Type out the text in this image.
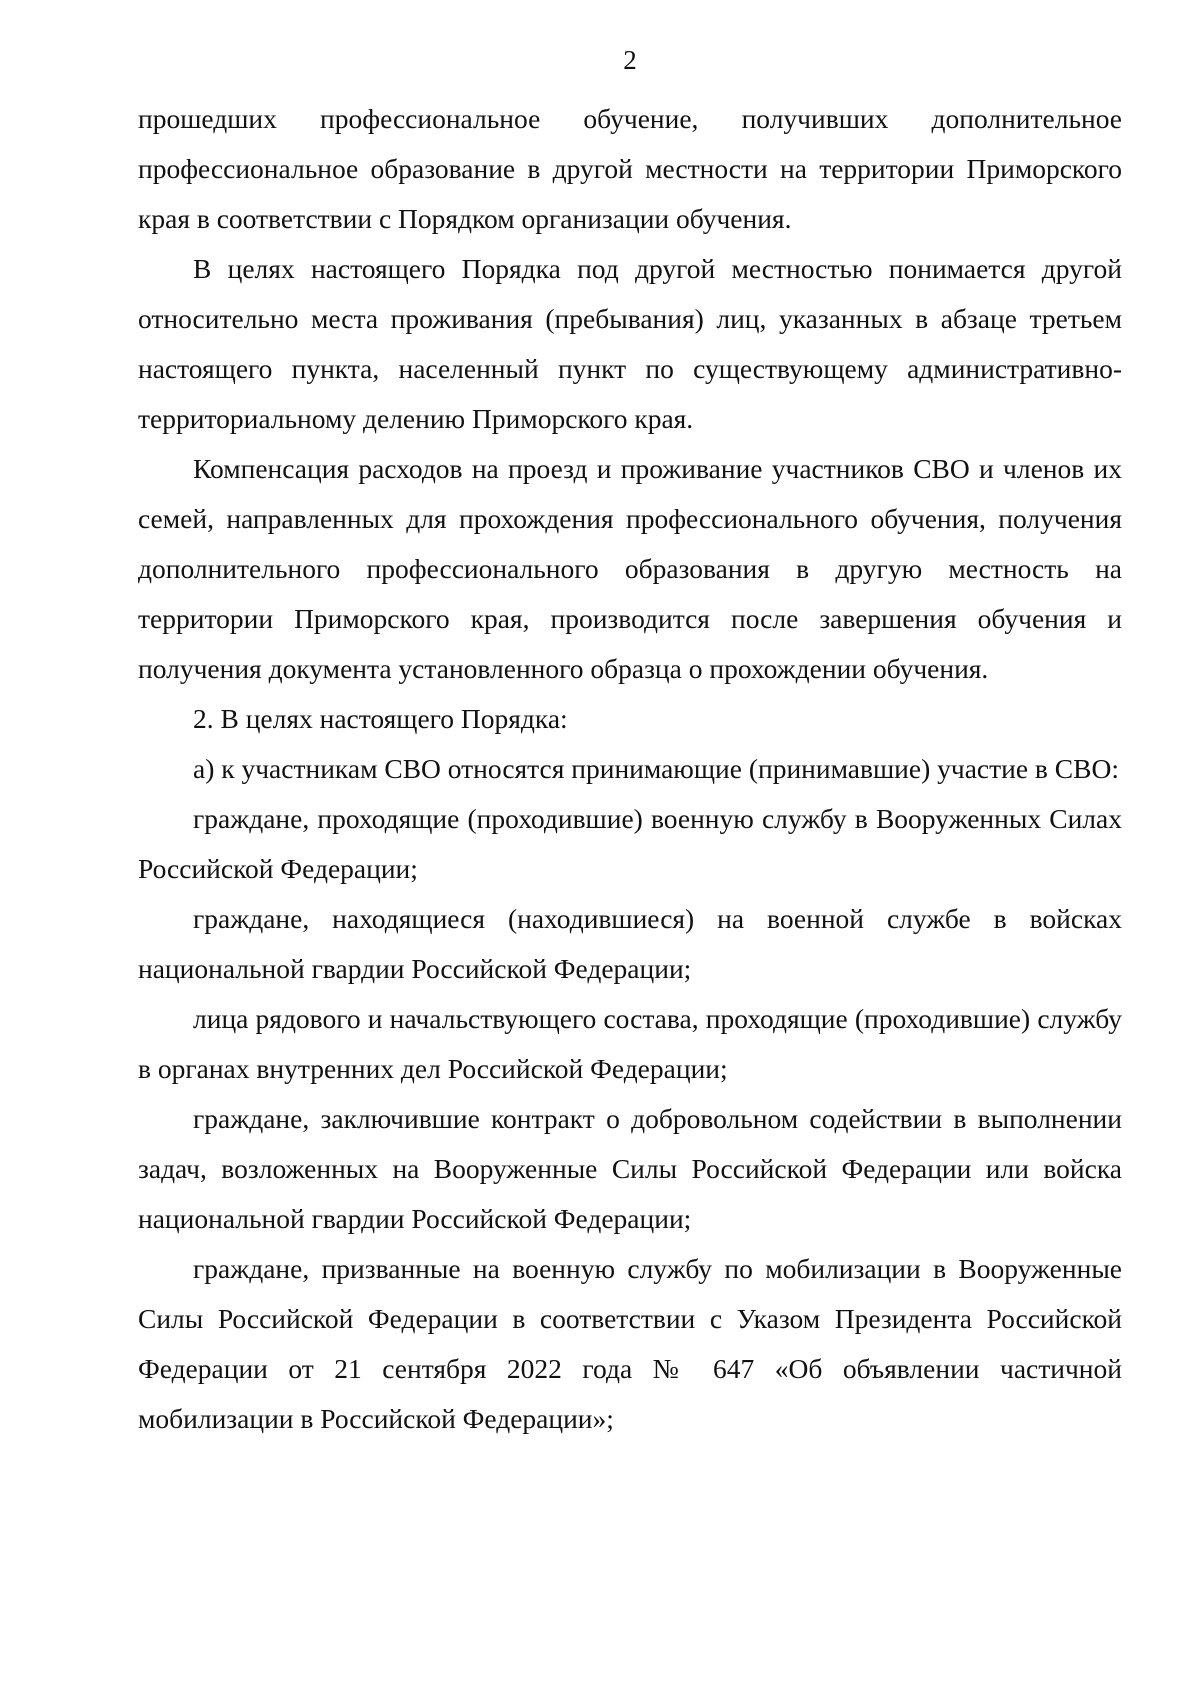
2

прошедших профессиональное обучение, получивших дополнительное профессиональное образование в другой местности на территории Приморского края в соответствии с Порядком организации обучения.

В целях настоящего Порядка под другой местностью понимается другой относительно места проживания (пребывания) лиц, указанных в абзаце третьем настоящего пункта, населенный пункт по существующему административно-территориальному делению Приморского края.

Компенсация расходов на проезд и проживание участников СВО и членов их семей, направленных для прохождения профессионального обучения, получения дополнительного профессионального образования в другую местность на территории Приморского края, производится после завершения обучения и получения документа установленного образца о прохождении обучения.

2. В целях настоящего Порядка:

а) к участникам СВО относятся принимающие (принимавшие) участие в СВО:

граждане, проходящие (проходившие) военную службу в Вооруженных Силах Российской Федерации;

граждане, находящиеся (находившиеся) на военной службе в войсках национальной гвардии Российской Федерации;

лица рядового и начальствующего состава, проходящие (проходившие) службу в органах внутренних дел Российской Федерации;

граждане, заключившие контракт о добровольном содействии в выполнении задач, возложенных на Вооруженные Силы Российской Федерации или войска национальной гвардии Российской Федерации;

граждане, призванные на военную службу по мобилизации в Вооруженные Силы Российской Федерации в соответствии с Указом Президента Российской Федерации от 21 сентября 2022 года № 647 «Об объявлении частичной мобилизации в Российской Федерации»;
